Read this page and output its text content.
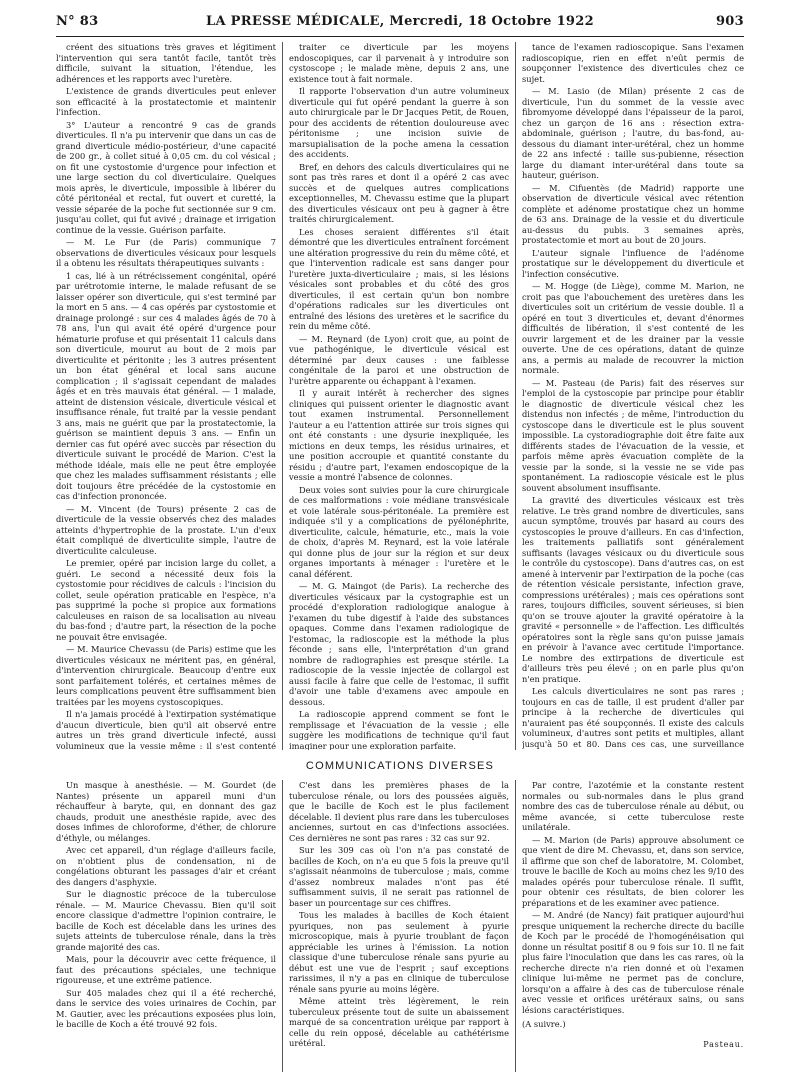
N° 83	LA PRESSE MÉDICALE, Mercredi, 18 Octobre 1922	903

créent des situations très graves et légitiment l'intervention qui sera tantôt facile, tantôt très difficile, suivant la situation, l'étendue, les adhérences et les rapports avec l'uretère.

L'existence de grands diverticules peut enlever son efficacité à la prostatectomie et maintenir l'infection.

3° L'auteur a rencontré 9 cas de grands diverticules. Il n'a pu intervenir que dans un cas de grand diverticule médio-postérieur, d'une capacité de 200 gr., à collet situé à 0,05 cm. du col vésical ; on fit une cystostomie d'urgence pour infection et une large section du col diverticulaire. Quelques mois après, le diverticule, impossible à libérer du côté péritonéal et rectal, fut ouvert et curetté, la vessie séparée de la poche fut sectionnée sur 9 cm. jusqu'au collet, qui fut avivé ; drainage et irrigation continue de la vessie. Guérison parfaite.

— M. Le Fur (de Paris) communique 7 observations de diverticules vésicaux pour lesquels il a obtenu les résultats thérapeutiques suivants :

1 cas, lié à un rétrécissement congénital, opéré par urétrotomie interne, le malade refusant de se laisser opérer son diverticule, qui s'est terminé par la mort en 5 ans. — 4 cas opérés par cystostomie et drainage prolongé : sur ces 4 malades âgés de 70 à 78 ans, l'un qui avait été opéré d'urgence pour hématurie profuse et qui présentait 11 calculs dans son diverticule, mourut au bout de 2 mois par diverticulite et péritonite ; les 3 autres présentent un bon état général et local sans aucune complication ; il s'agissait cependant de malades âgés et en très mauvais état général. — 1 malade, atteint de distension vésicale, diverticule vésical et insuffisance rénale, fut traité par la vessie pendant 3 ans, mais ne guérit que par la prostatectomie, la guérison se maintient depuis 3 ans. — Enfin un dernier cas fut opéré avec succès par résection du diverticule suivant le procédé de Marion. C'est la méthode idéale, mais elle ne peut être employée que chez les malades suffisamment résistants ; elle doit toujours être précédée de la cystostomie en cas d'infection prononcée.

— M. Vincent (de Tours) présente 2 cas de diverticule de la vessie observés chez des malades atteints d'hypertrophie de la prostate. L'un d'eux était compliqué de diverticulite simple, l'autre de diverticulite calculeuse.

Le premier, opéré par incision large du collet, a guéri. Le second a nécessité deux fois la cystostomie pour récidives de calculs : l'incision du collet, seule opération praticable en l'espèce, n'a pas supprimé la poche si propice aux formations calculeuses en raison de sa localisation au niveau du bas-fond ; d'autre part, la résection de la poche ne pouvait être envisagée.

— M. Maurice Chevassu (de Paris) estime que les diverticules vésicaux ne méritent pas, en général, d'intervention chirurgicale. Beaucoup d'entre eux sont parfaitement tolérés, et certaines mêmes de leurs complications peuvent être suffisamment bien traitées par les moyens cystoscopiques.

Il n'a jamais procédé à l'extirpation systématique d'aucun diverticule, bien qu'il ait observé entre autres un très grand diverticule infecté, aussi volumineux que la vessie même : il s'est contenté

traiter ce diverticule par les moyens endoscopiques, car il parvenait à y introduire son cystoscope ; le malade mène, depuis 2 ans, une existence tout à fait normale.

Il rapporte l'observation d'un autre volumineux diverticule qui fut opéré pendant la guerre à son auto chirurgicale par le Dr Jacques Petit, de Rouen, pour des accidents de rétention douloureuse avec péritonisme ; une incision suivie de marsupialisation de la poche amena la cessation des accidents.

Bref, en dehors des calculs diverticulaires qui ne sont pas très rares et dont il a opéré 2 cas avec succès et de quelques autres complications exceptionnelles, M. Chevassu estime que la plupart des diverticules vésicaux ont peu à gagner à être traités chirurgicalement.

Les choses seraient différentes s'il était démontré que les diverticules entraînent forcément une altération progressive du rein du même côté, et que l'intervention radicale est sans danger pour l'uretère juxta-diverticulaire ; mais, si les lésions vésicales sont probables et du côté des gros diverticules, il est certain qu'un bon nombre d'opérations radicales sur les diverticules ont entraîné des lésions des uretères et le sacrifice du rein du même côté.

— M. Reynard (de Lyon) croit que, au point de vue pathogénique, le diverticule vésical est déterminé par deux causes : une faiblesse congénitale de la paroi et une obstruction de l'urètre apparente ou échappant à l'examen.

Il y aurait intérêt à rechercher des signes cliniques qui puissent orienter le diagnostic avant tout examen instrumental. Personnellement l'auteur a eu l'attention attirée sur trois signes qui ont été constants : une dysurie inexpliquée, les mictions en deux temps, les résidus urinaires, et une position accroupie et quantité constante du résidu ; d'autre part, l'examen endoscopique de la vessie a montré l'absence de colonnes.

Deux voies sont suivies pour la cure chirurgicale de ces malformations : voie médiane transvésicale et voie latérale sous-péritonéale. La première est indiquée s'il y a complications de pyélonéphrite, diverticulite, calcule, hématurie, etc., mais la voie de choix, d'après M. Reynard, est la voie latérale qui donne plus de jour sur la région et sur deux organes importants à ménager : l'uretère et le canal déférent.

— M. G. Maingot (de Paris). La recherche des diverticules vésicaux par la cystographie est un procédé d'exploration radiologique analogue à l'examen du tube digestif à l'aide des substances opaques. Comme dans l'examen radiologique de l'estomac, la radioscopie est la méthode la plus féconde ; sans elle, l'interprétation d'un grand nombre de radiographies est presque stérile. La radioscopie de la vessie injectée de collargol est aussi facile à faire que celle de l'estomac, il suffit d'avoir une table d'examens avec ampoule en dessous.

La radioscopie apprend comment se font le remplissage et l'évacuation de la vessie ; elle suggère les modifications de technique qu'il faut imaginer pour une exploration parfaite.

tance de l'examen radioscopique. Sans l'examen radioscopique, rien en effet n'eût permis de soupçonner l'existence des diverticules chez ce sujet.

— M. Lasio (de Milan) présente 2 cas de diverticule, l'un du sommet de la vessie avec fibromyome développé dans l'épaisseur de la paroi, chez un garçon de 16 ans : résection extra-abdominale, guérison ; l'autre, du bas-fond, au-dessous du diamant inter-urétéral, chez un homme de 22 ans infecté : taille sus-pubienne, résection large du diamant inter-urétéral dans toute sa hauteur, guérison.

— M. Cifuentès (de Madrid) rapporte une observation de diverticule vésical avec rétention complète et adénome prostatique chez un homme de 63 ans. Drainage de la vessie et du diverticule au-dessus du pubis. 3 semaines après, prostatectomie et mort au bout de 20 jours.

L'auteur signale l'influence de l'adénome prostatique sur le développement du diverticule et l'infection consécutive.

— M. Hogge (de Liège), comme M. Marion, ne croit pas que l'abouchement des uretères dans les diverticules soit un critérium de vessie double. Il a opéré en tout 3 diverticules et, devant d'énormes difficultés de libération, il s'est contenté de les ouvrir largement et de les drainer par la vessie ouverte. Une de ces opérations, datant de quinze ans, a permis au malade de recouvrer la miction normale.

— M. Pasteau (de Paris) fait des réserves sur l'emploi de la cystoscopie par principe pour établir le diagnostic de diverticule vésical chez les distendus non infectés ; de même, l'introduction du cystoscope dans le diverticule est le plus souvent impossible. La cystoradiographie doit être faite aux différents stades de l'évacuation de la vessie, et parfois même après évacuation complète de la vessie par la sonde, si la vessie ne se vide pas spontanément. La radioscopie vésicale est le plus souvent absolument insuffisante.

La gravité des diverticules vésicaux est très relative. Le très grand nombre de diverticules, sans aucun symptôme, trouvés par hasard au cours des cystoscopies le prouve d'ailleurs. En cas d'infection, les traitements palliatifs sont généralement suffisants (lavages vésicaux ou du diverticule sous le contrôle du cystoscope). Dans d'autres cas, on est amené à intervenir par l'extirpation de la poche (cas de rétention vésicale persistante, infection grave, compressions urétérales) ; mais ces opérations sont rares, toujours difficiles, souvent sérieuses, si bien qu'on se trouve ajouter la gravité opératoire à la gravité « personnelle » de l'affection. Les difficultés opératoires sont la règle sans qu'on puisse jamais en prévoir à l'avance avec certitude l'importance. Le nombre des extirpations de diverticule est d'ailleurs très peu élevé ; on en parle plus qu'on n'en pratique.

Les calculs diverticulaires ne sont pas rares ; toujours en cas de taille, il est prudent d'aller par principe à la recherche de diverticules qui n'auraient pas été soupçonnés. Il existe des calculs volumineux, d'autres sont petits et multiples, allant jusqu'à 50 et 80. Dans ces cas, une surveillance

COMMUNICATIONS DIVERSES

Un masque à anesthésie. — M. Gourdet (de Nantes) présente un appareil muni d'un réchauffeur à baryte, qui, en donnant des gaz chauds, produit une anesthésie rapide, avec des doses infimes de chloroforme, d'éther, de chlorure d'éthyle, ou mélanges.

Avec cet appareil, d'un réglage d'ailleurs facile, on n'obtient plus de condensation, ni de congélations obturant les passages d'air et créant des dangers d'asphyxie.

Sur le diagnostic précoce de la tuberculose rénale. — M. Maurice Chevassu. Bien qu'il soit encore classique d'admettre l'opinion contraire, le bacille de Koch est décelable dans les urines des sujets atteints de tuberculose rénale, dans la très grande majorité des cas.

Mais, pour la découvrir avec cette fréquence, il faut des précautions spéciales, une technique rigoureuse, et une extrême patience.

Sur 405 malades chez qui il a été recherché, dans le service des voies urinaires de Cochin, par M. Gautier, avec les précautions exposées plus loin, le bacille de Koch a été trouvé 92 fois.

C'est dans les premières phases de la tuberculose rénale, ou lors des poussées aiguës, que le bacille de Koch est le plus facilement décelable. Il devient plus rare dans les tuberculoses anciennes, surtout en cas d'infections associées. Ces dernières ne sont pas rares : 32 cas sur 92.

Sur les 309 cas où l'on n'a pas constaté de bacilles de Koch, on n'a eu que 5 fois la preuve qu'il s'agissait néanmoins de tuberculose ; mais, comme d'assez nombreux malades n'ont pas été suffisamment suivis, il ne serait pas rationnel de baser un pourcentage sur ces chiffres.

Tous les malades à bacilles de Koch étaient pyuriques, non pas seulement à pyurie microscopique, mais à pyurie troublant de façon appréciable les urines à l'émission. La notion classique d'une tuberculose rénale sans pyurie au début est une vue de l'esprit ; sauf exceptions rarissimes, il n'y a pas en clinique de tuberculose rénale sans pyurie au moins légère.

Même atteint très légèrement, le rein tuberculeux présente tout de suite un abaissement marqué de sa concentration uréique par rapport à celle du rein opposé, décelable au cathétérisme urétéral.

Par contre, l'azotémie et la constante restent normales ou sub-normales dans le plus grand nombre des cas de tuberculose rénale au début, ou même avancée, si cette tuberculose reste unilatérale.

— M. Marion (de Paris) approuve absolument ce que vient de dire M. Chevassu, et, dans son service, il affirme que son chef de laboratoire, M. Colombet, trouve le bacille de Koch au moins chez les 9/10 des malades opérés pour tuberculose rénale. Il suffit, pour obtenir ces résultats, de bien colorer les préparations et de les examiner avec patience.

— M. André (de Nancy) fait pratiquer aujourd'hui presque uniquement la recherche directe du bacille de Koch par le procédé de l'homogénéisation qui donne un résultat positif 8 ou 9 fois sur 10. Il ne fait plus faire l'inoculation que dans les cas rares, où la recherche directe n'a rien donné et où l'examen clinique lui-même ne permet pas de conclure, lorsqu'on a affaire à des cas de tuberculose rénale avec vessie et orifices urétéraux sains, ou sans lésions caractéristiques.

(A suivre.)
Pasteau.
